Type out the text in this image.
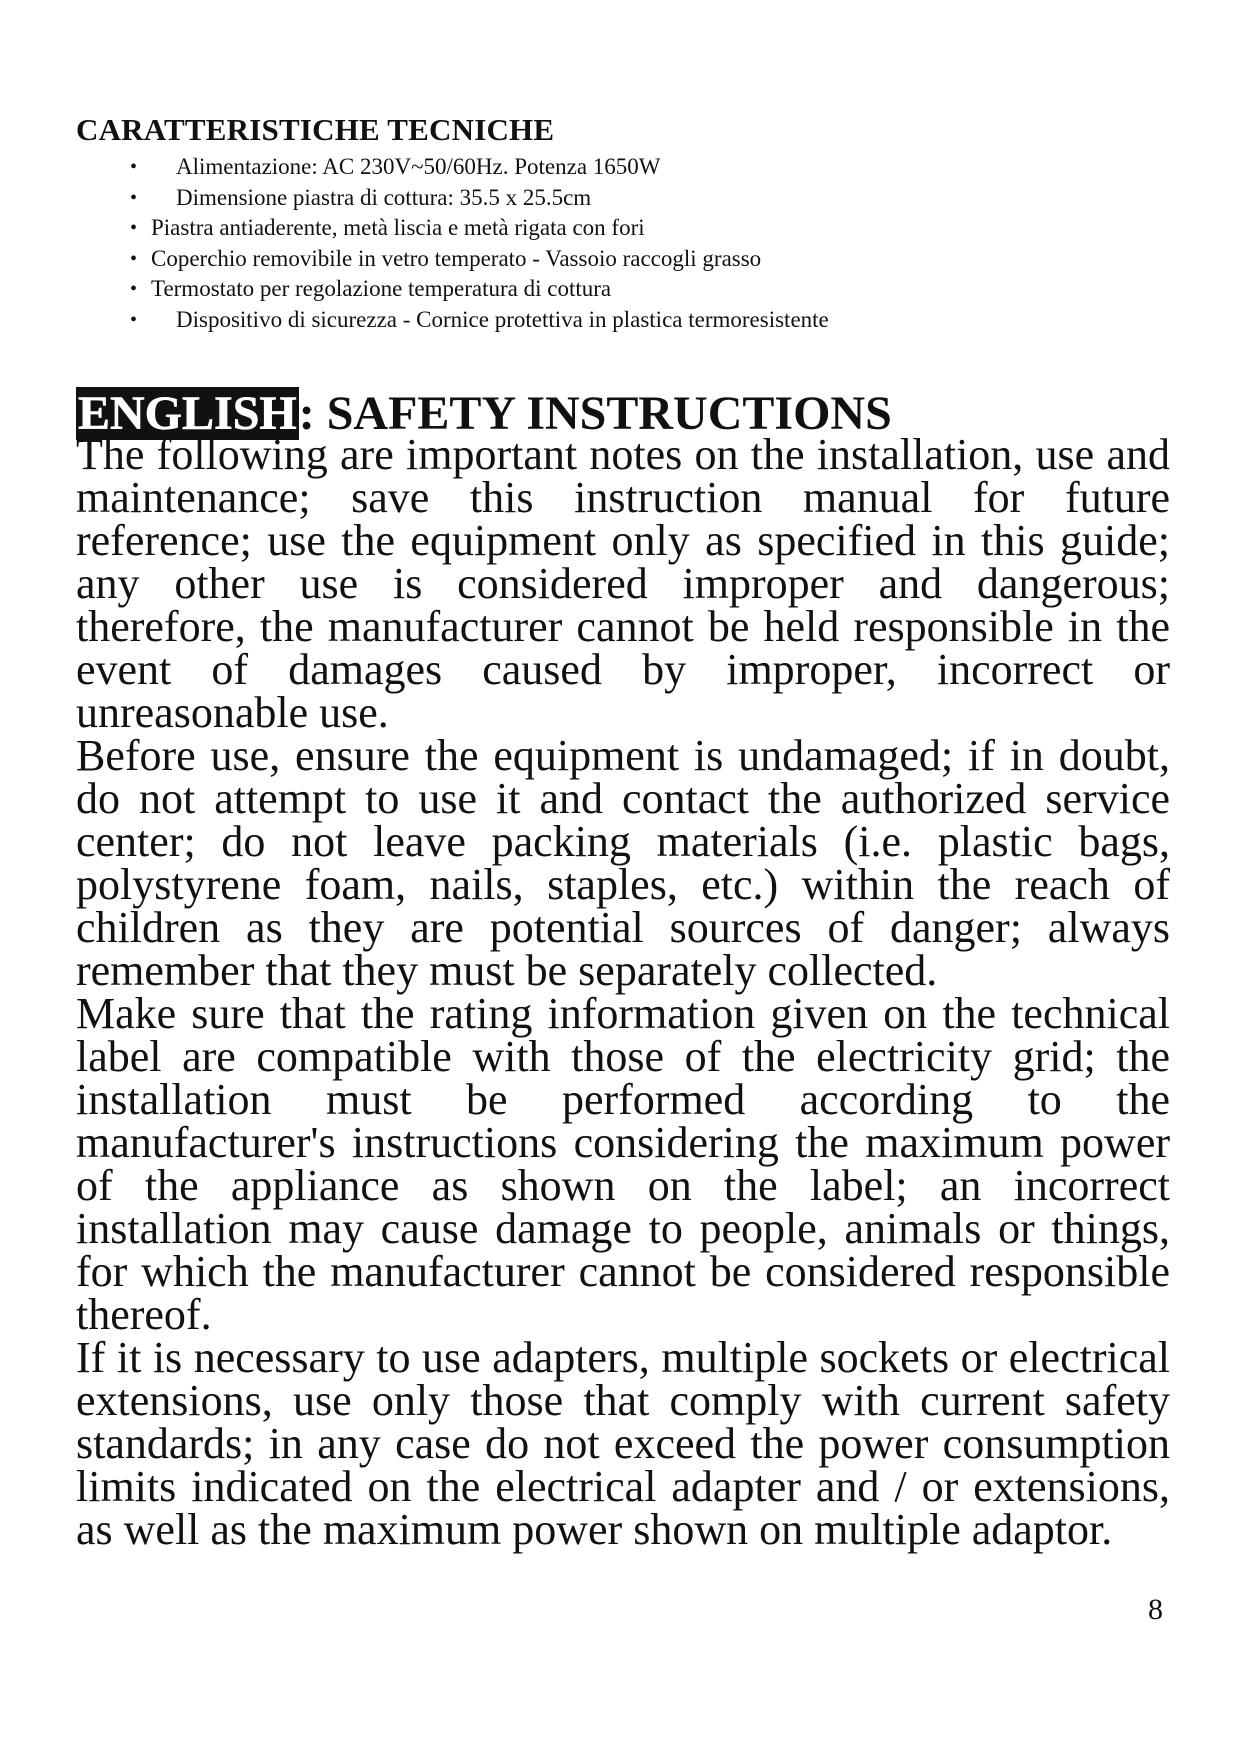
CARATTERISTICHE TECNICHE
• Alimentazione: AC 230V~50/60Hz. Potenza 1650W
• Dimensione piastra di cottura: 35.5 x 25.5cm
• Piastra antiaderente, metà liscia e metà rigata con fori
• Coperchio removibile in vetro temperato - Vassoio raccogli grasso
• Termostato per regolazione temperatura di cottura
• Dispositivo di sicurezza - Cornice protettiva in plastica termoresistente
ENGLISH: SAFETY INSTRUCTIONS

The following are important notes on the installation, use and maintenance; save this instruction manual for future reference; use the equipment only as specified in this guide; any other use is considered improper and dangerous; therefore, the manufacturer cannot be held responsible in the event of damages caused by improper, incorrect or unreasonable use.

Before use, ensure the equipment is undamaged; if in doubt, do not attempt to use it and contact the authorized service center; do not leave packing materials (i.e. plastic bags, polystyrene foam, nails, staples, etc.) within the reach of children as they are potential sources of danger; always remember that they must be separately collected.

Make sure that the rating information given on the technical label are compatible with those of the electricity grid; the installation must be performed according to the manufacturer's instructions considering the maximum power of the appliance as shown on the label; an incorrect installation may cause damage to people, animals or things, for which the manufacturer cannot be considered responsible thereof.

If it is necessary to use adapters, multiple sockets or electrical extensions, use only those that comply with current safety standards; in any case do not exceed the power consumption limits indicated on the electrical adapter and / or extensions, as well as the maximum power shown on multiple adaptor.

8
